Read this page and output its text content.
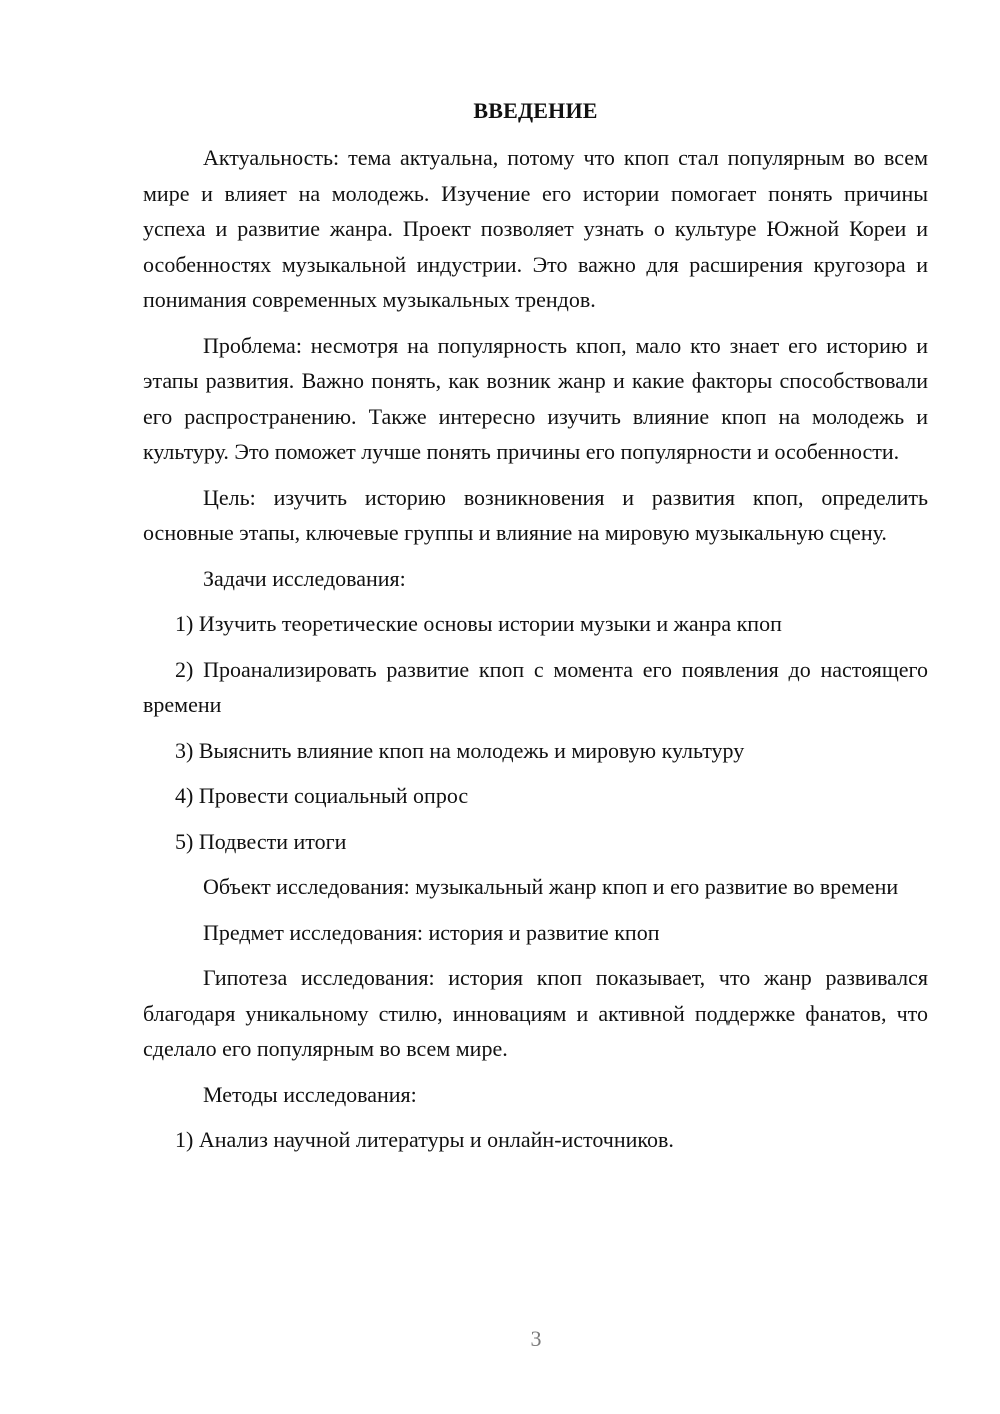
ВВЕДЕНИЕ

Актуальность: тема актуальна, потому что кпоп стал популярным во всем мире и влияет на молодежь. Изучение его истории помогает понять причины успеха и развитие жанра. Проект позволяет узнать о культуре Южной Кореи и особенностях музыкальной индустрии. Это важно для расширения кругозора и понимания современных музыкальных трендов.

Проблема: несмотря на популярность кпоп, мало кто знает его историю и этапы развития. Важно понять, как возник жанр и какие факторы способствовали его распространению. Также интересно изучить влияние кпоп на молодежь и культуру. Это поможет лучше понять причины его популярности и особенности.

Цель: изучить историю возникновения и развития кпоп, определить основные этапы, ключевые группы и влияние на мировую музыкальную сцену.

Задачи исследования:

1) Изучить теоретические основы истории музыки и жанра кпоп

2) Проанализировать развитие кпоп с момента его появления до настоящего времени

3) Выяснить влияние кпоп на молодежь и мировую культуру

4) Провести социальный опрос

5) Подвести итоги

Объект исследования: музыкальный жанр кпоп и его развитие во времени

Предмет исследования: история и развитие кпоп

Гипотеза исследования: история кпоп показывает, что жанр развивался благодаря уникальному стилю, инновациям и активной поддержке фанатов, что сделало его популярным во всем мире.

Методы исследования:

1) Анализ научной литературы и онлайн-источников.

3
